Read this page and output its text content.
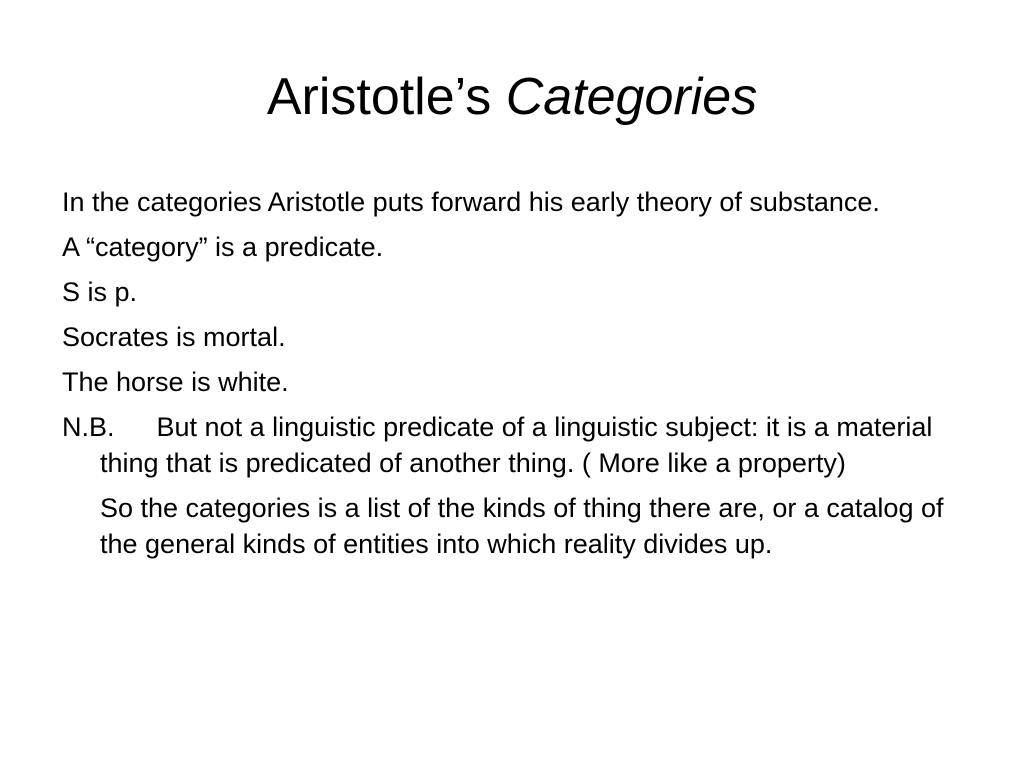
Aristotle’s Categories

In the categories Aristotle puts forward his early theory of substance.

A “category” is a predicate.

S is p.

Socrates is mortal.

The horse is white.

N.B. But not a linguistic predicate of a linguistic subject: it is a material thing that is predicated of another thing. ( More like a property)

So the categories is a list of the kinds of thing there are, or a catalog of the general kinds of entities into which reality divides up.
